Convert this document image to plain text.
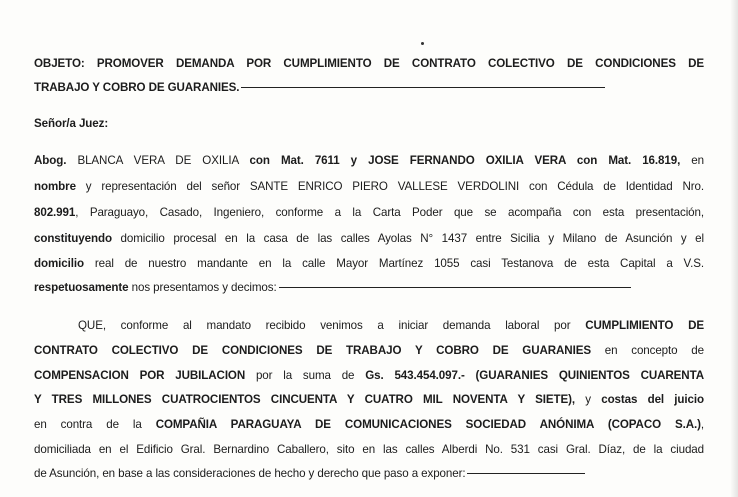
OBJETO: PROMOVER DEMANDA POR CUMPLIMIENTO DE CONTRATO COLECTIVO DE CONDICIONES DE
TRABAJO Y COBRO DE GUARANIES.
Señor/a Juez:
Abog. BLANCA VERA DE OXILIA con Mat. 7611 y JOSE FERNANDO OXILIA VERA con Mat. 16.819, en
nombre y representación del señor SANTE ENRICO PIERO VALLESE VERDOLINI con Cédula de Identidad Nro.
802.991, Paraguayo, Casado, Ingeniero, conforme a la Carta Poder que se acompaña con esta presentación,
constituyendo domicilio procesal en la casa de las calles Ayolas N° 1437 entre Sicilia y Milano de Asunción y el
domicilio real de nuestro mandante en la calle Mayor Martínez 1055 casi Testanova de esta Capital a V.S.
respetuosamente nos presentamos y decimos:
QUE, conforme al mandato recibido venimos a iniciar demanda laboral por CUMPLIMIENTO DE
CONTRATO COLECTIVO DE CONDICIONES DE TRABAJO Y COBRO DE GUARANIES en concepto de
COMPENSACION POR JUBILACION por la suma de Gs. 543.454.097.- (GUARANIES QUINIENTOS CUARENTA
Y TRES MILLONES CUATROCIENTOS CINCUENTA Y CUATRO MIL NOVENTA Y SIETE), y costas del juicio
en contra de la COMPAÑIA PARAGUAYA DE COMUNICACIONES SOCIEDAD ANÓNIMA (COPACO S.A.),
domiciliada en el Edificio Gral. Bernardino Caballero, sito en las calles Alberdi No. 531 casi Gral. Díaz, de la ciudad
de Asunción, en base a las consideraciones de hecho y derecho que paso a exponer:
